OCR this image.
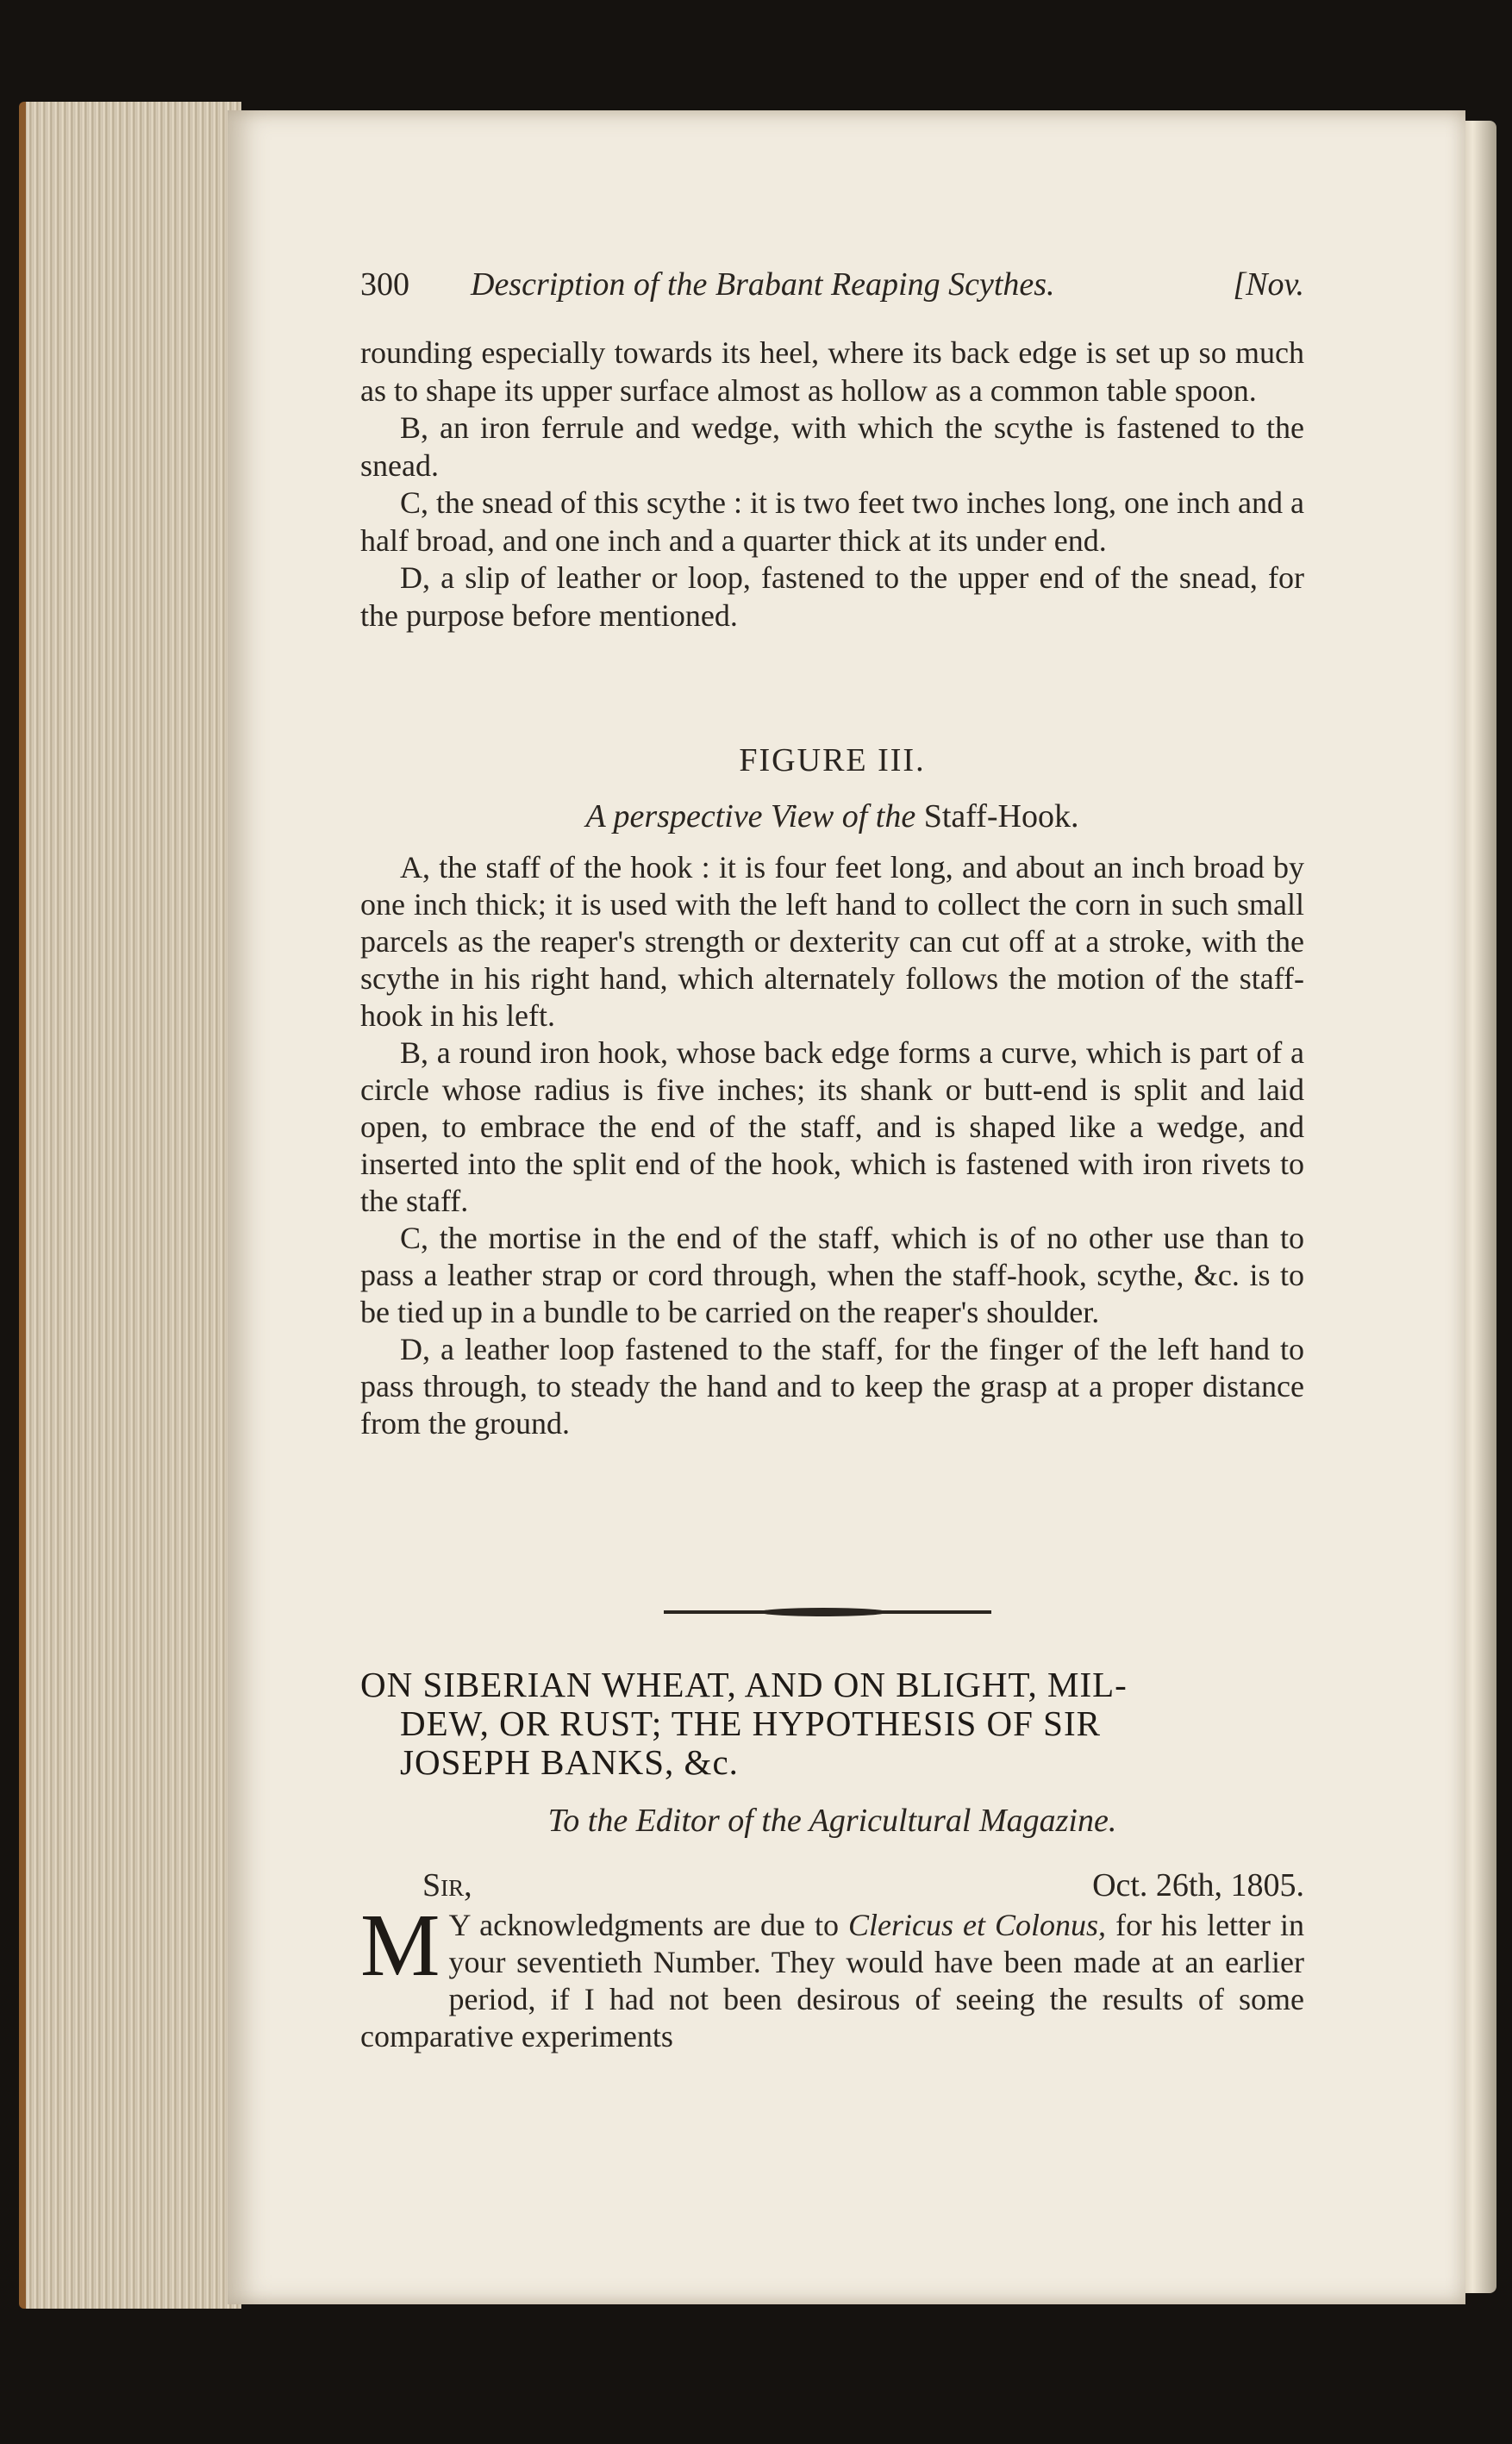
300 Description of the Brabant Reaping Scythes.	[Nov.

rounding especially towards its heel, where its back edge is set up so much as to shape its upper surface almost as hollow as a common table spoon.

B, an iron ferrule and wedge, with which the scythe is fastened to the snead.

C, the snead of this scythe : it is two feet two inches long, one inch and a half broad, and one inch and a quarter thick at its under end.

D, a slip of leather or loop, fastened to the upper end of the snead, for the purpose before mentioned.

FIGURE III.
A perspective View of the Staff-Hook.

A, the staff of the hook : it is four feet long, and about an inch broad by one inch thick; it is used with the left hand to collect the corn in such small parcels as the reaper's strength or dexterity can cut off at a stroke, with the scythe in his right hand, which alternately follows the motion of the staff-hook in his left.

B, a round iron hook, whose back edge forms a curve, which is part of a circle whose radius is five inches; its shank or butt-end is split and laid open, to embrace the end of the staff, and is shaped like a wedge, and inserted into the split end of the hook, which is fastened with iron rivets to the staff.

C, the mortise in the end of the staff, which is of no other use than to pass a leather strap or cord through, when the staff-hook, scythe, &c. is to be tied up in a bundle to be carried on the reaper's shoulder.

D, a leather loop fastened to the staff, for the finger of the left hand to pass through, to steady the hand and to keep the grasp at a proper distance from the ground.

ON SIBERIAN WHEAT, AND ON BLIGHT, MIL-
DEW, OR RUST; THE HYPOTHESIS OF SIR
JOSEPH BANKS, &c.
To the Editor of the Agricultural Magazine.
Sir,	Oct. 26th, 1805.
M Y acknowledgments are due to Clericus et Colonus, for his letter in your seventieth Number. They would have been made at an earlier period, if I had not been desirous of seeing the results of some comparative experiments
